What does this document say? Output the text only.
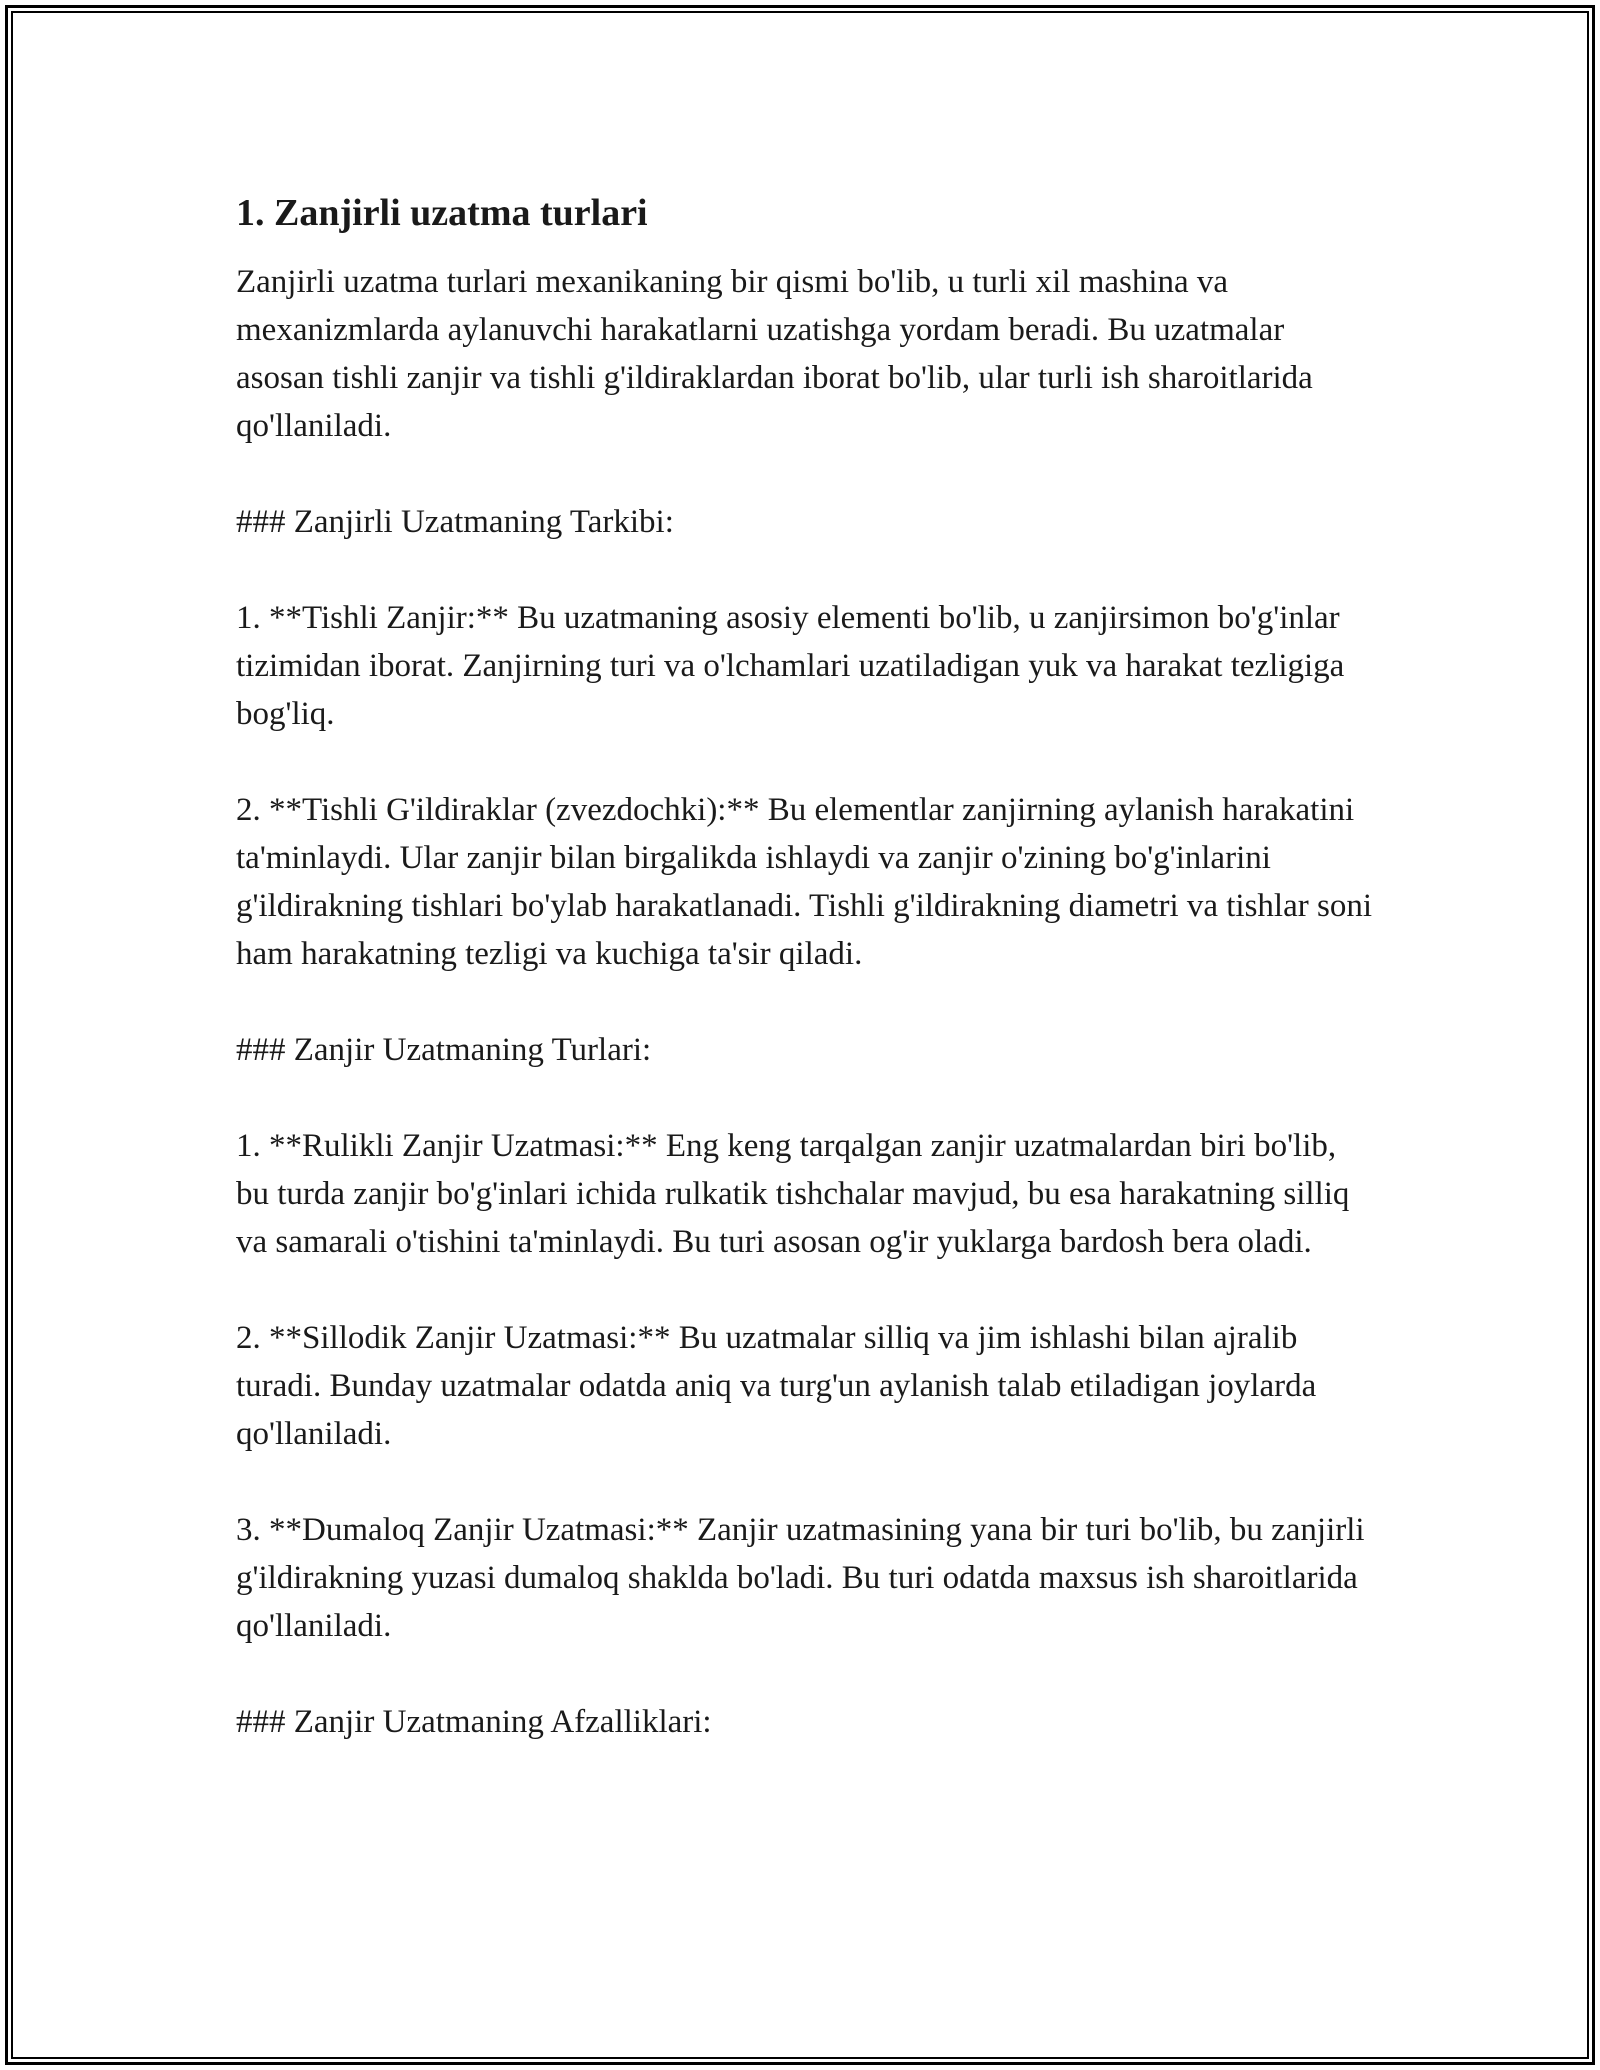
1. Zanjirli uzatma turlari

Zanjirli uzatma turlari mexanikaning bir qismi bo'lib, u turli xil mashina va mexanizmlarda aylanuvchi harakatlarni uzatishga yordam beradi. Bu uzatmalar asosan tishli zanjir va tishli g'ildiraklardan iborat bo'lib, ular turli ish sharoitlarida qo'llaniladi.

### Zanjirli Uzatmaning Tarkibi:

1. **Tishli Zanjir:** Bu uzatmaning asosiy elementi bo'lib, u zanjirsimon bo'g'inlar tizimidan iborat. Zanjirning turi va o'lchamlari uzatiladigan yuk va harakat tezligiga bog'liq.

2. **Tishli G'ildiraklar (zvezdochki):** Bu elementlar zanjirning aylanish harakatini ta'minlaydi. Ular zanjir bilan birgalikda ishlaydi va zanjir o'zining bo'g'inlarini g'ildirakning tishlari bo'ylab harakatlanadi. Tishli g'ildirakning diametri va tishlar soni ham harakatning tezligi va kuchiga ta'sir qiladi.

### Zanjir Uzatmaning Turlari:

1. **Rulikli Zanjir Uzatmasi:** Eng keng tarqalgan zanjir uzatmalardan biri bo'lib, bu turda zanjir bo'g'inlari ichida rulkatik tishchalar mavjud, bu esa harakatning silliq va samarali o'tishini ta'minlaydi. Bu turi asosan og'ir yuklarga bardosh bera oladi.

2. **Sillodik Zanjir Uzatmasi:** Bu uzatmalar silliq va jim ishlashi bilan ajralib turadi. Bunday uzatmalar odatda aniq va turg'un aylanish talab etiladigan joylarda qo'llaniladi.

3. **Dumaloq Zanjir Uzatmasi:** Zanjir uzatmasining yana bir turi bo'lib, bu zanjirli g'ildirakning yuzasi dumaloq shaklda bo'ladi. Bu turi odatda maxsus ish sharoitlarida qo'llaniladi.

### Zanjir Uzatmaning Afzalliklari:
